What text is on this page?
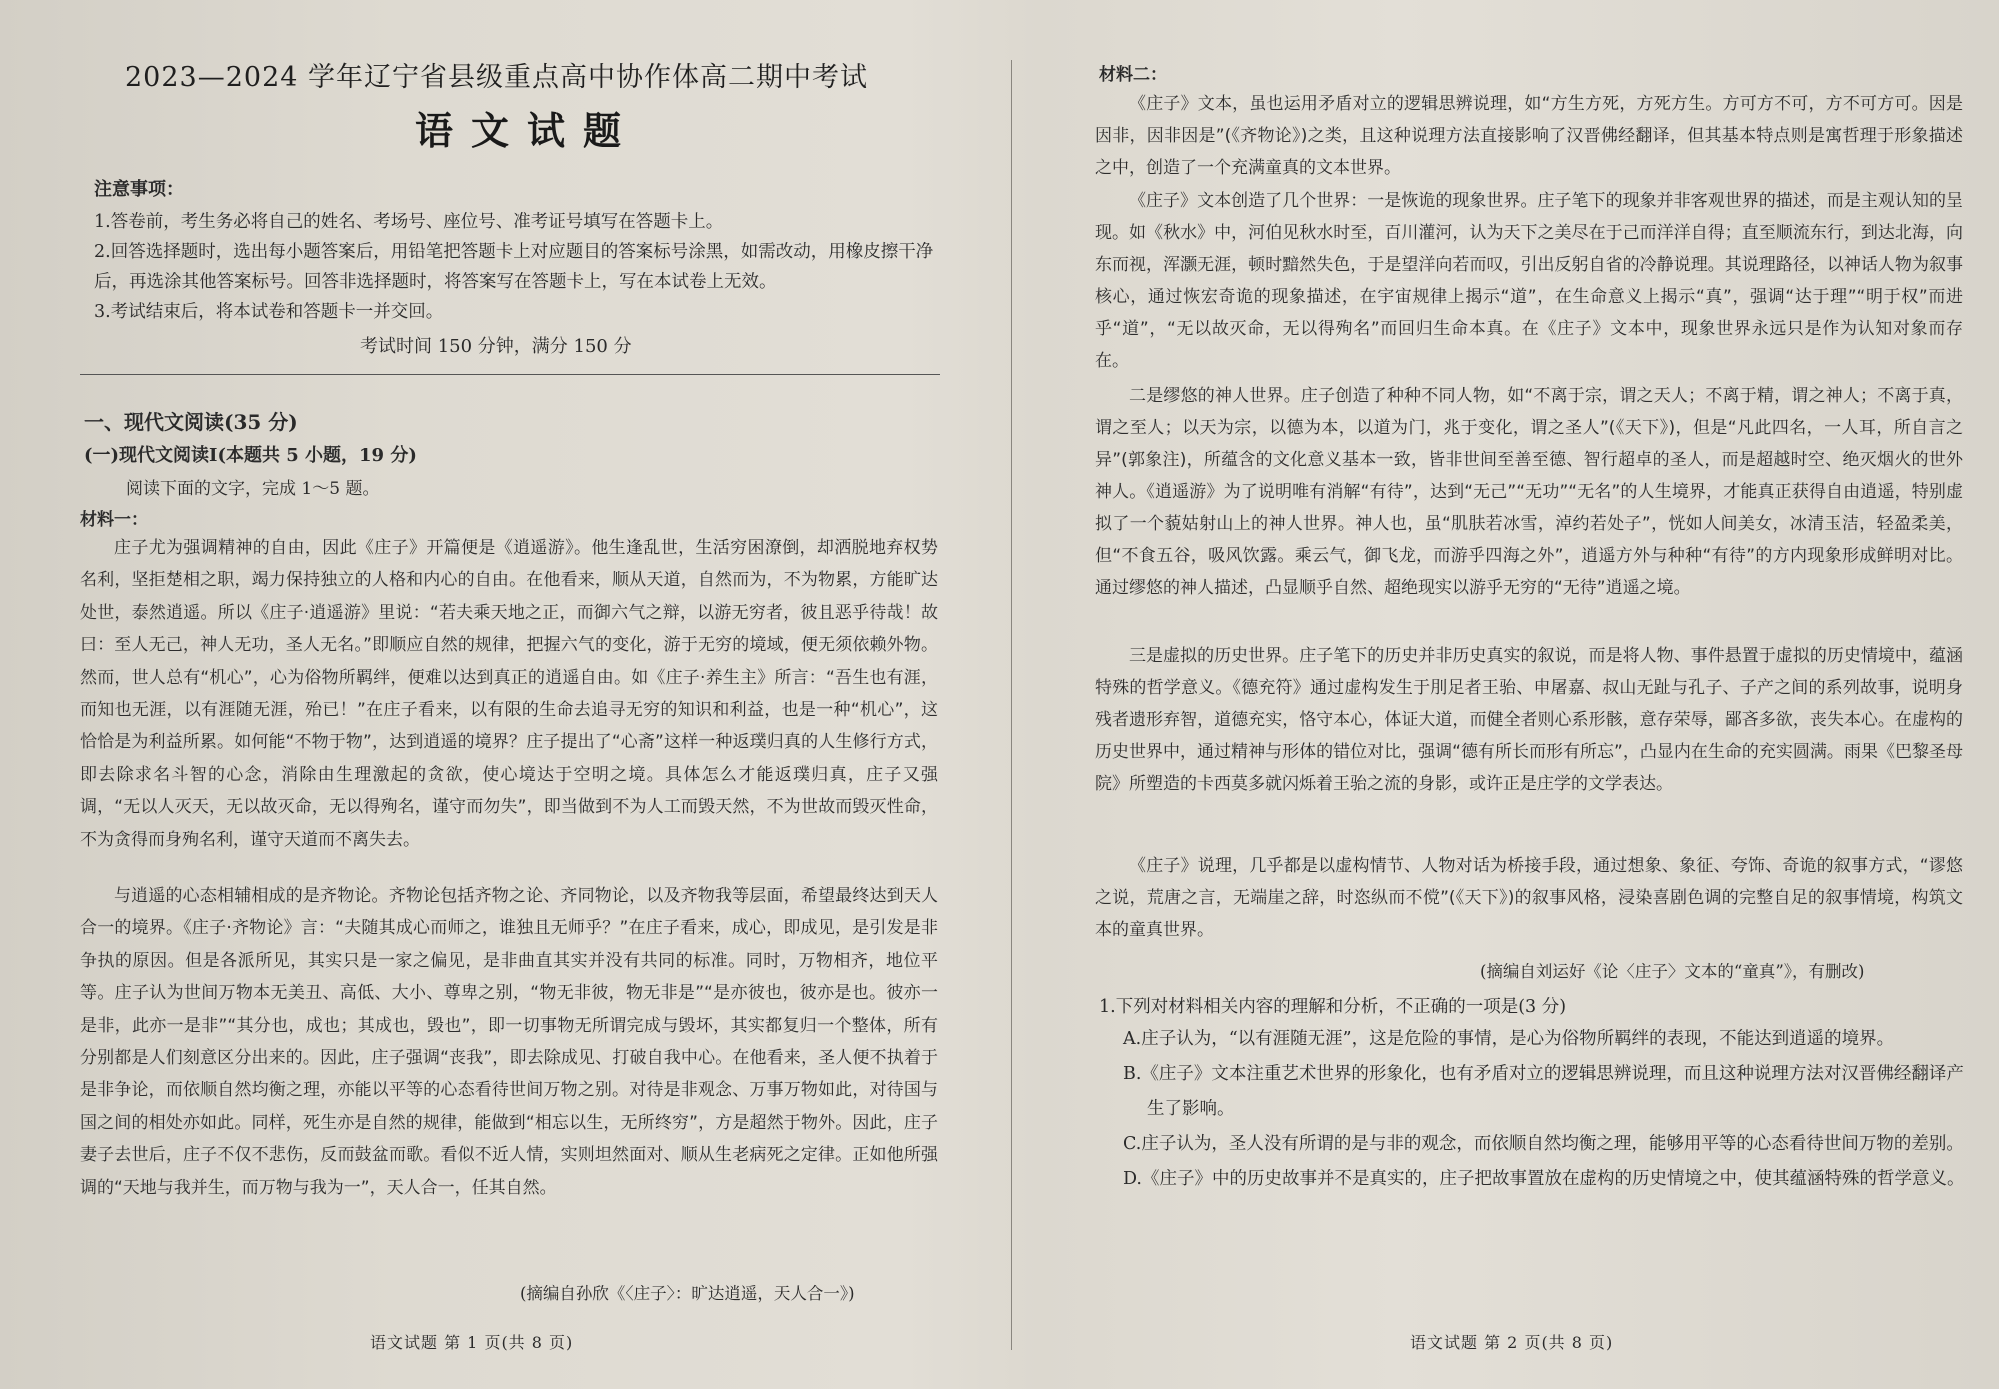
2023—2024 学年辽宁省县级重点高中协作体高二期中考试
语文试题
注意事项：
1.答卷前，考生务必将自己的姓名、考场号、座位号、准考证号填写在答题卡上。
2.回答选择题时，选出每小题答案后，用铅笔把答题卡上对应题目的答案标号涂黑，如需改动，用橡皮擦干净后，再选涂其他答案标号。回答非选择题时，将答案写在答题卡上，写在本试卷上无效。
3.考试结束后，将本试卷和答题卡一并交回。
考试时间 150 分钟，满分 150 分
一、现代文阅读(35 分)
(一)现代文阅读Ⅰ(本题共 5 小题，19 分)
阅读下面的文字，完成 1～5 题。
材料一：
庄子尤为强调精神的自由，因此《庄子》开篇便是《逍遥游》。他生逢乱世，生活穷困潦倒，却洒脱地弃权势名利，坚拒楚相之职，竭力保持独立的人格和内心的自由。在他看来，顺从天道，自然而为，不为物累，方能旷达处世，泰然逍遥。所以《庄子·逍遥游》里说：“若夫乘天地之正，而御六气之辩，以游无穷者，彼且恶乎待哉！故曰：至人无己，神人无功，圣人无名。”即顺应自然的规律，把握六气的变化，游于无穷的境域，便无须依赖外物。然而，世人总有“机心”，心为俗物所羁绊，便难以达到真正的逍遥自由。如《庄子·养生主》所言：“吾生也有涯，而知也无涯，以有涯随无涯，殆已！”在庄子看来，以有限的生命去追寻无穷的知识和利益，也是一种“机心”，这恰恰是为利益所累。如何能“不物于物”，达到逍遥的境界？庄子提出了“心斋”这样一种返璞归真的人生修行方式，即去除求名斗智的心念，消除由生理激起的贪欲，使心境达于空明之境。具体怎么才能返璞归真，庄子又强调，“无以人灭天，无以故灭命，无以得殉名，谨守而勿失”，即当做到不为人工而毁天然，不为世故而毁灭性命，不为贪得而身殉名利，谨守天道而不离失去。
与逍遥的心态相辅相成的是齐物论。齐物论包括齐物之论、齐同物论，以及齐物我等层面，希望最终达到天人合一的境界。《庄子·齐物论》言：“夫随其成心而师之，谁独且无师乎？”在庄子看来，成心，即成见，是引发是非争执的原因。但是各派所见，其实只是一家之偏见，是非曲直其实并没有共同的标准。同时，万物相齐，地位平等。庄子认为世间万物本无美丑、高低、大小、尊卑之别，“物无非彼，物无非是”“是亦彼也，彼亦是也。彼亦一是非，此亦一是非”“其分也，成也；其成也，毁也”，即一切事物无所谓完成与毁坏，其实都复归一个整体，所有分别都是人们刻意区分出来的。因此，庄子强调“丧我”，即去除成见、打破自我中心。在他看来，圣人便不执着于是非争论，而依顺自然均衡之理，亦能以平等的心态看待世间万物之别。对待是非观念、万事万物如此，对待国与国之间的相处亦如此。同样，死生亦是自然的规律，能做到“相忘以生，无所终穷”，方是超然于物外。因此，庄子妻子去世后，庄子不仅不悲伤，反而鼓盆而歌。看似不近人情，实则坦然面对、顺从生老病死之定律。正如他所强调的“天地与我并生，而万物与我为一”，天人合一，任其自然。
(摘编自孙欣《〈庄子〉：旷达逍遥，天人合一》)
语文试题 第 1 页(共 8 页)
材料二：
《庄子》文本，虽也运用矛盾对立的逻辑思辨说理，如“方生方死，方死方生。方可方不可，方不可方可。因是因非，因非因是”(《齐物论》)之类，且这种说理方法直接影响了汉晋佛经翻译，但其基本特点则是寓哲理于形象描述之中，创造了一个充满童真的文本世界。
《庄子》文本创造了几个世界：一是恢诡的现象世界。庄子笔下的现象并非客观世界的描述，而是主观认知的呈现。如《秋水》中，河伯见秋水时至，百川灌河，认为天下之美尽在于己而洋洋自得；直至顺流东行，到达北海，向东而视，浑灏无涯，顿时黯然失色，于是望洋向若而叹，引出反躬自省的冷静说理。其说理路径，以神话人物为叙事核心，通过恢宏奇诡的现象描述，在宇宙规律上揭示“道”，在生命意义上揭示“真”，强调“达于理”“明于权”而进乎“道”，“无以故灭命，无以得殉名”而回归生命本真。在《庄子》文本中，现象世界永远只是作为认知对象而存在。
二是缪悠的神人世界。庄子创造了种种不同人物，如“不离于宗，谓之天人；不离于精，谓之神人；不离于真，谓之至人；以天为宗，以德为本，以道为门，兆于变化，谓之圣人”(《天下》)，但是“凡此四名，一人耳，所自言之异”(郭象注)，所蕴含的文化意义基本一致，皆非世间至善至德、智行超卓的圣人，而是超越时空、绝灭烟火的世外神人。《逍遥游》为了说明唯有消解“有待”，达到“无己”“无功”“无名”的人生境界，才能真正获得自由逍遥，特别虚拟了一个藐姑射山上的神人世界。神人也，虽“肌肤若冰雪，淖约若处子”，恍如人间美女，冰清玉洁，轻盈柔美，但“不食五谷，吸风饮露。乘云气，御飞龙，而游乎四海之外”，逍遥方外与种种“有待”的方内现象形成鲜明对比。通过缪悠的神人描述，凸显顺乎自然、超绝现实以游乎无穷的“无待”逍遥之境。
三是虚拟的历史世界。庄子笔下的历史并非历史真实的叙说，而是将人物、事件悬置于虚拟的历史情境中，蕴涵特殊的哲学意义。《德充符》通过虚构发生于刖足者王骀、申屠嘉、叔山无趾与孔子、子产之间的系列故事，说明身残者遗形弃智，道德充实，恪守本心，体证大道，而健全者则心系形骸，意存荣辱，鄙吝多欲，丧失本心。在虚构的历史世界中，通过精神与形体的错位对比，强调“德有所长而形有所忘”，凸显内在生命的充实圆满。雨果《巴黎圣母院》所塑造的卡西莫多就闪烁着王骀之流的身影，或许正是庄学的文学表达。
《庄子》说理，几乎都是以虚构情节、人物对话为桥接手段，通过想象、象征、夸饰、奇诡的叙事方式，“谬悠之说，荒唐之言，无端崖之辞，时恣纵而不傥”(《天下》)的叙事风格，浸染喜剧色调的完整自足的叙事情境，构筑文本的童真世界。
(摘编自刘运好《论〈庄子〉文本的“童真”》，有删改)
1.下列对材料相关内容的理解和分析，不正确的一项是(3 分)
A.庄子认为，“以有涯随无涯”，这是危险的事情，是心为俗物所羁绊的表现，不能达到逍遥的境界。
B.《庄子》文本注重艺术世界的形象化，也有矛盾对立的逻辑思辨说理，而且这种说理方法对汉晋佛经翻译产生了影响。
C.庄子认为，圣人没有所谓的是与非的观念，而依顺自然均衡之理，能够用平等的心态看待世间万物的差别。
D.《庄子》中的历史故事并不是真实的，庄子把故事置放在虚构的历史情境之中，使其蕴涵特殊的哲学意义。
语文试题 第 2 页(共 8 页)
